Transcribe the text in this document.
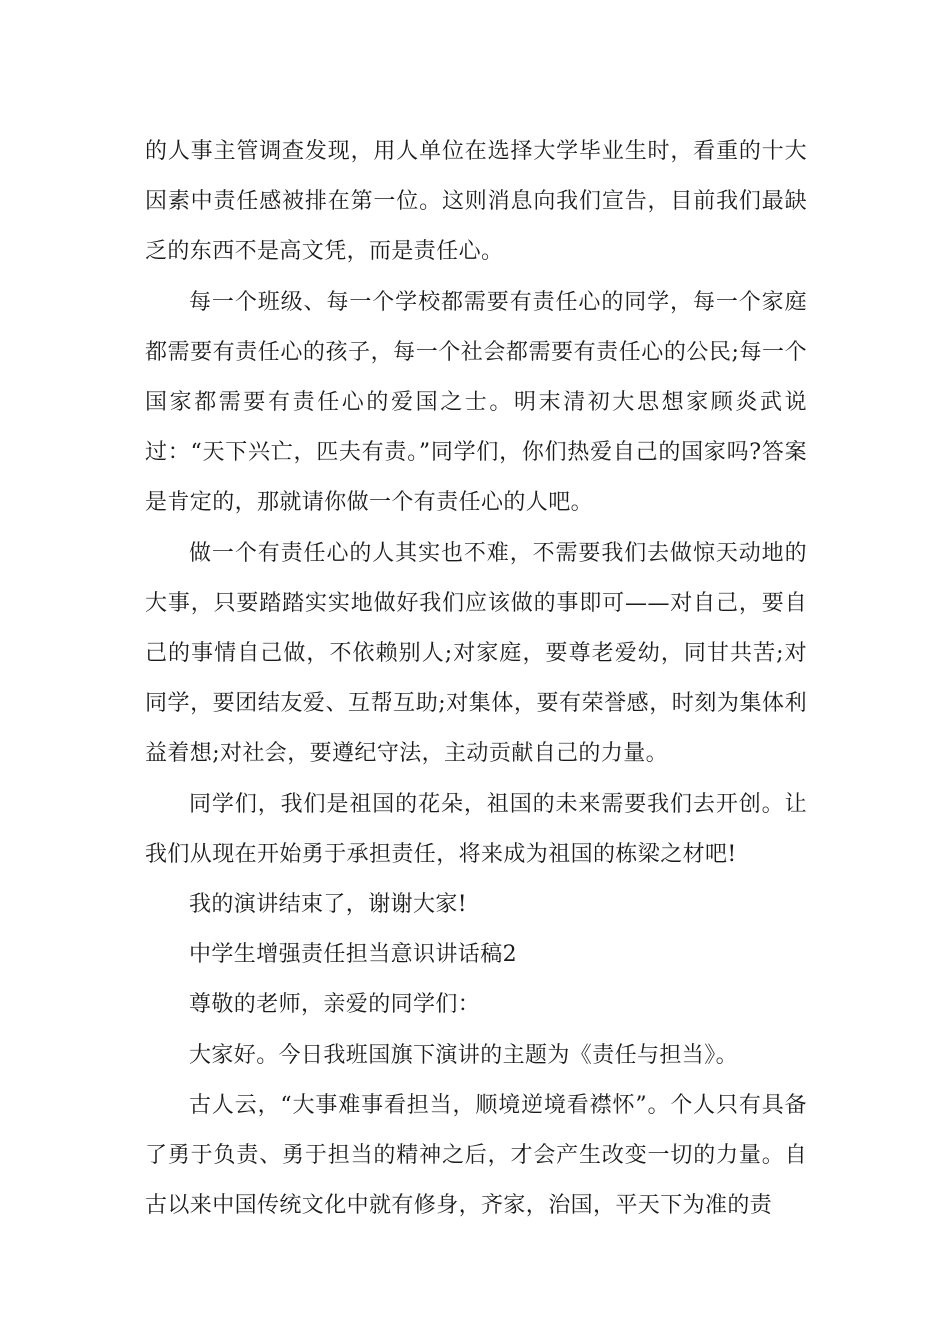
的人事主管调查发现，用人单位在选择大学毕业生时，看重的十大因素中责任感被排在第一位。这则消息向我们宣告，目前我们最缺乏的东西不是高文凭，而是责任心。

每一个班级、每一个学校都需要有责任心的同学，每一个家庭都需要有责任心的孩子，每一个社会都需要有责任心的公民;每一个国家都需要有责任心的爱国之士。明末清初大思想家顾炎武说过：“天下兴亡，匹夫有责。”同学们，你们热爱自己的国家吗?答案是肯定的，那就请你做一个有责任心的人吧。

做一个有责任心的人其实也不难，不需要我们去做惊天动地的大事，只要踏踏实实地做好我们应该做的事即可——对自己，要自己的事情自己做，不依赖别人;对家庭，要尊老爱幼，同甘共苦;对同学，要团结友爱、互帮互助;对集体，要有荣誉感，时刻为集体利益着想;对社会，要遵纪守法，主动贡献自己的力量。

同学们，我们是祖国的花朵，祖国的未来需要我们去开创。让我们从现在开始勇于承担责任，将来成为祖国的栋梁之材吧!

我的演讲结束了，谢谢大家!

中学生增强责任担当意识讲话稿2

尊敬的老师，亲爱的同学们：

大家好。今日我班国旗下演讲的主题为《责任与担当》。

古人云，“大事难事看担当，顺境逆境看襟怀”。个人只有具备了勇于负责、勇于担当的精神之后，才会产生改变一切的力量。自古以来中国传统文化中就有修身，齐家，治国，平天下为准的责
